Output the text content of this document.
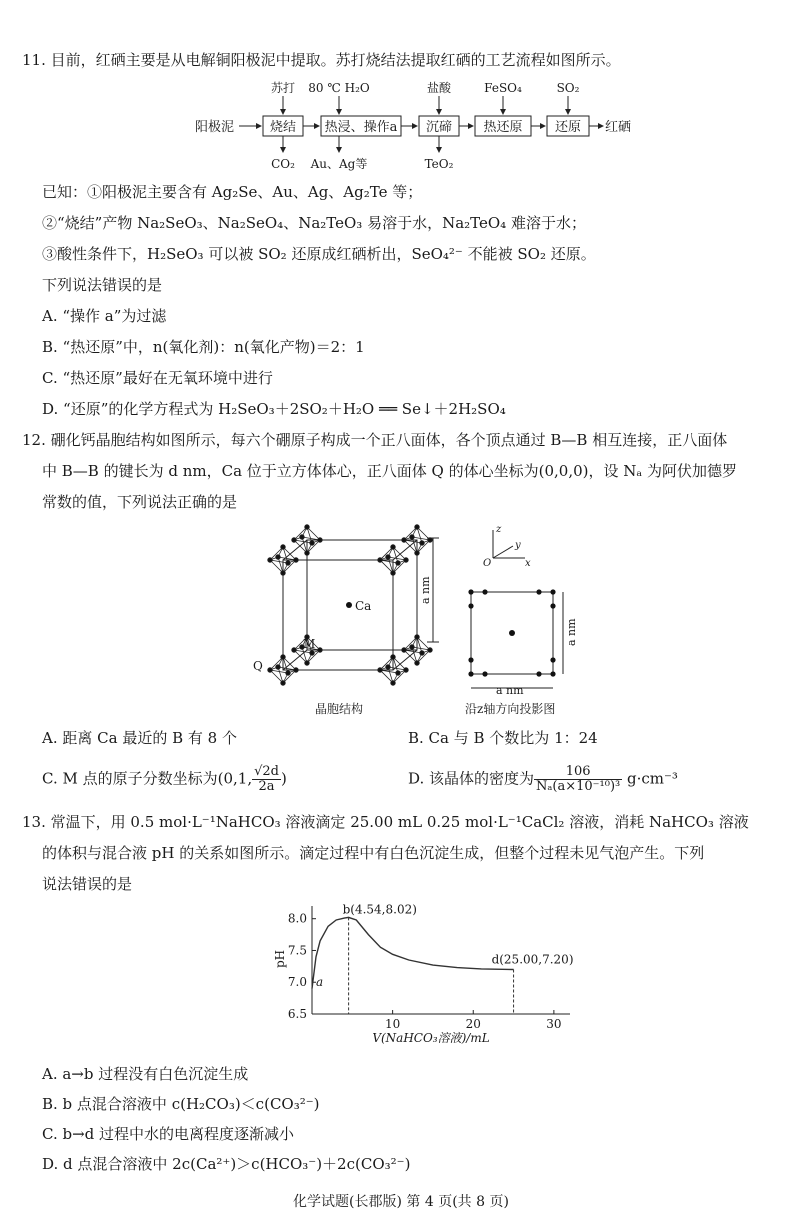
11. 目前，红硒主要是从电解铜阳极泥中提取。苏打烧结法提取红硒的工艺流程如图所示。
阳极泥	烧结 热浸、操作a 沉碲 热还原 还原 红硒
苏打 80 ℃ H₂O	盐酸	FeSO₄	SO₂
CO₂ Au、Ag等	TeO₂
已知：①阳极泥主要含有 Ag₂Se、Au、Ag、Ag₂Te 等；
②“烧结”产物 Na₂SeO₃、Na₂SeO₄、Na₂TeO₃ 易溶于水，Na₂TeO₄ 难溶于水；
③酸性条件下，H₂SeO₃ 可以被 SO₂ 还原成红硒析出，SeO₄²⁻ 不能被 SO₂ 还原。
下列说法错误的是
A. “操作 a”为过滤
B. “热还原”中，n(氧化剂)：n(氧化产物)＝2：1
C. “热还原”最好在无氧环境中进行
D. “还原”的化学方程式为 H₂SeO₃＋2SO₂＋H₂O ══ Se↓＋2H₂SO₄
12. 硼化钙晶胞结构如图所示，每六个硼原子构成一个正八面体，各个顶点通过 B—B 相互连接，正八面体
中 B—B 的键长为 d nm，Ca 位于立方体体心，正八面体 Q 的体心坐标为(0,0,0)，设 Nₐ 为阿伏加德罗
常数的值，下列说法正确的是
Ca
M
Q
a nm
晶胞结构
z
y
x
O
a nm
a nm
沿z轴方向投影图
A. 距离 Ca 最近的 B 有 8 个	B. Ca 与 B 个数比为 1：24
C. M 点的原子分数坐标为(0,1, $\frac{√2d}{2a}$ )	D. 该晶体的密度为 $\frac{106}{\text{Nₐ(a×10⁻¹⁰)³}} g\cdot cm^{-3}$
13. 常温下，用 0.5 mol·L⁻¹NaHCO₃ 溶液滴定 25.00 mL 0.25 mol·L⁻¹CaCl₂ 溶液，消耗 NaHCO₃ 溶液
的体积与混合液 pH 的关系如图所示。滴定过程中有白色沉淀生成，但整个过程未见气泡产生。下列
说法错误的是
6.5
7.0
7.5
8.0
10	20	30
V(NaHCO₃溶液)/mL
pH
b(4.54,8.02)
d(25.00,7.20)
a
A. a→b 过程没有白色沉淀生成
B. b 点混合溶液中 c(H₂CO₃)＜c(CO₃²⁻)
C. b→d 过程中水的电离程度逐渐减小
D. d 点混合溶液中 2c(Ca²⁺)＞c(HCO₃⁻)＋2c(CO₃²⁻)
化学试题(长郡版) 第 4 页(共 8 页)
